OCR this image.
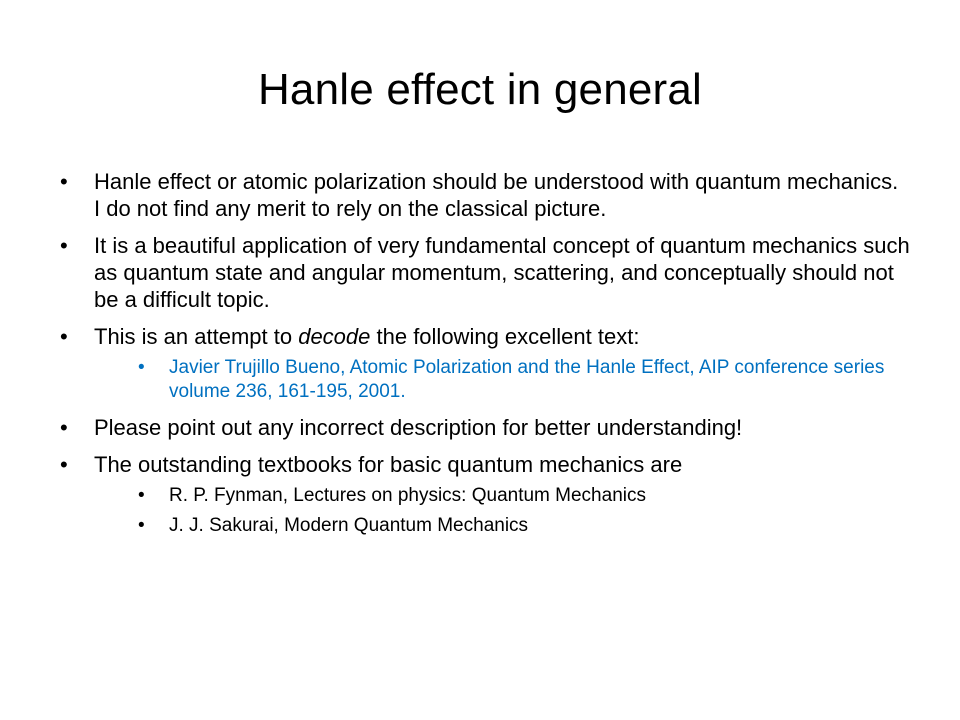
Hanle effect in general
•	Hanle effect or atomic polarization should be understood with quantum mechanics. I do not find any merit to rely on the classical picture.
•	It is a beautiful application of very fundamental concept of quantum mechanics such as quantum state and angular momentum, scattering, and conceptually should not be a difficult topic.
•	This is an attempt to decode the following excellent text:
•	Javier Trujillo Bueno, Atomic Polarization and the Hanle Effect, AIP conference series volume 236, 161-195, 2001.
•	Please point out any incorrect description for better understanding!
•	The outstanding textbooks for basic quantum mechanics are
•	R. P. Fynman, Lectures on physics: Quantum Mechanics
•	J. J. Sakurai, Modern Quantum Mechanics
